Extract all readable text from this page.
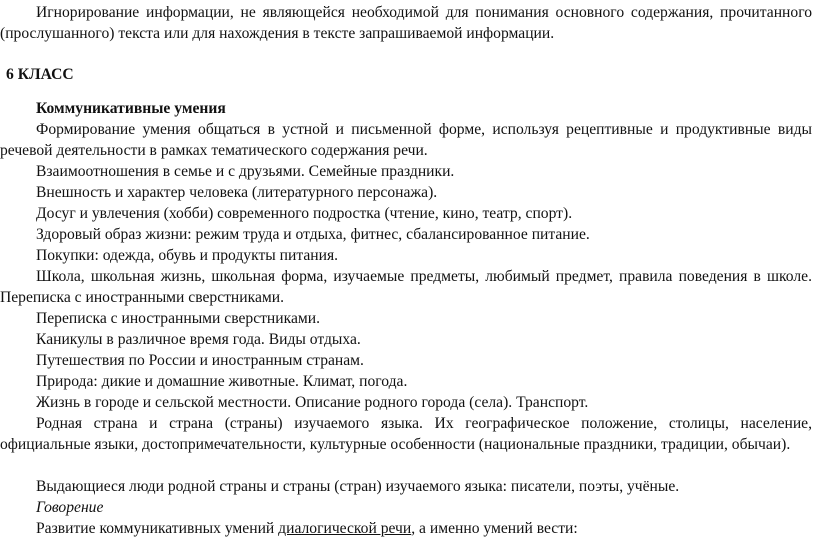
Игнорирование информации, не являющейся необходимой для понимания основного содержания, прочитанного (прослушанного) текста или для нахождения в тексте запрашиваемой информации.

6 КЛАСС

Коммуникативные умения

Формирование умения общаться в устной и письменной форме, используя рецептивные и продуктивные виды речевой деятельности в рамках тематического содержания речи.

Взаимоотношения в семье и с друзьями. Семейные праздники.

Внешность и характер человека (литературного персонажа).

Досуг и увлечения (хобби) современного подростка (чтение, кино, театр, спорт).

Здоровый образ жизни: режим труда и отдыха, фитнес, сбалансированное питание.

Покупки: одежда, обувь и продукты питания.

Школа, школьная жизнь, школьная форма, изучаемые предметы, любимый предмет, правила поведения в школе. Переписка с иностранными сверстниками.

Переписка с иностранными сверстниками.

Каникулы в различное время года. Виды отдыха.

Путешествия по России и иностранным странам.

Природа: дикие и домашние животные. Климат, погода.

Жизнь в городе и сельской местности. Описание родного города (села). Транспорт.

Родная страна и страна (страны) изучаемого языка. Их географическое положение, столицы, население, официальные языки, достопримечательности, культурные особенности (национальные праздники, традиции, обычаи).

Выдающиеся люди родной страны и страны (стран) изучаемого языка: писатели, поэты, учёные.

Говорение

Развитие коммуникативных умений диалогической речи, а именно умений вести:
